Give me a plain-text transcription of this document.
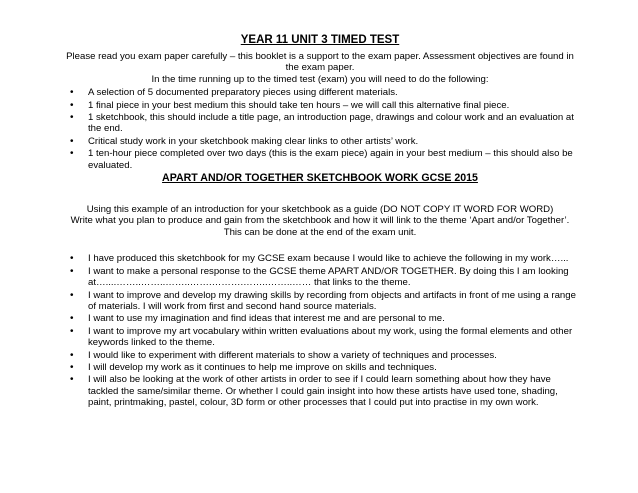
YEAR 11 UNIT 3 TIMED TEST

Please read you exam paper carefully – this booklet is a support to the exam paper. Assessment objectives are found in the exam paper.

In the time running up to the timed test (exam) you will need to do the following:

• A selection of 5 documented preparatory pieces using different materials.
• 1 final piece in your best medium this should take ten hours – we will call this alternative final piece.
• 1 sketchbook, this should include a title page, an introduction page, drawings and colour work and an evaluation at the end.
• Critical study work in your sketchbook making clear links to other artists’ work.
• 1 ten-hour piece completed over two days (this is the exam piece) again in your best medium – this should also be evaluated.
APART AND/OR TOGETHER SKETCHBOOK WORK GCSE 2015

Using this example of an introduction for your sketchbook as a guide (DO NOT COPY IT WORD FOR WORD)

Write what you plan to produce and gain from the sketchbook and how it will link to the theme ‘Apart and/or Together’.

This can be done at the end of the exam unit.

• I have produced this sketchbook for my GCSE exam because I would like to achieve the following in my work…...
• I want to make a personal response to the GCSE theme APART AND/OR TOGETHER. By doing this I am looking at…....……..……..……..…….……….……..……..…… that links to the theme.
• I want to improve and develop my drawing skills by recording from objects and artifacts in front of me using a range of materials. I will work from first and second hand source materials.
• I want to use my imagination and find ideas that interest me and are personal to me.
• I want to improve my art vocabulary within written evaluations about my work, using the formal elements and other keywords linked to the theme.
• I would like to experiment with different materials to show a variety of techniques and processes.
• I will develop my work as it continues to help me improve on skills and techniques.
• I will also be looking at the work of other artists in order to see if I could learn something about how they have tackled the same/similar theme. Or whether I could gain insight into how these artists have used tone, shading, paint, printmaking, pastel, colour, 3D form or other processes that I could put into practise in my own work.
